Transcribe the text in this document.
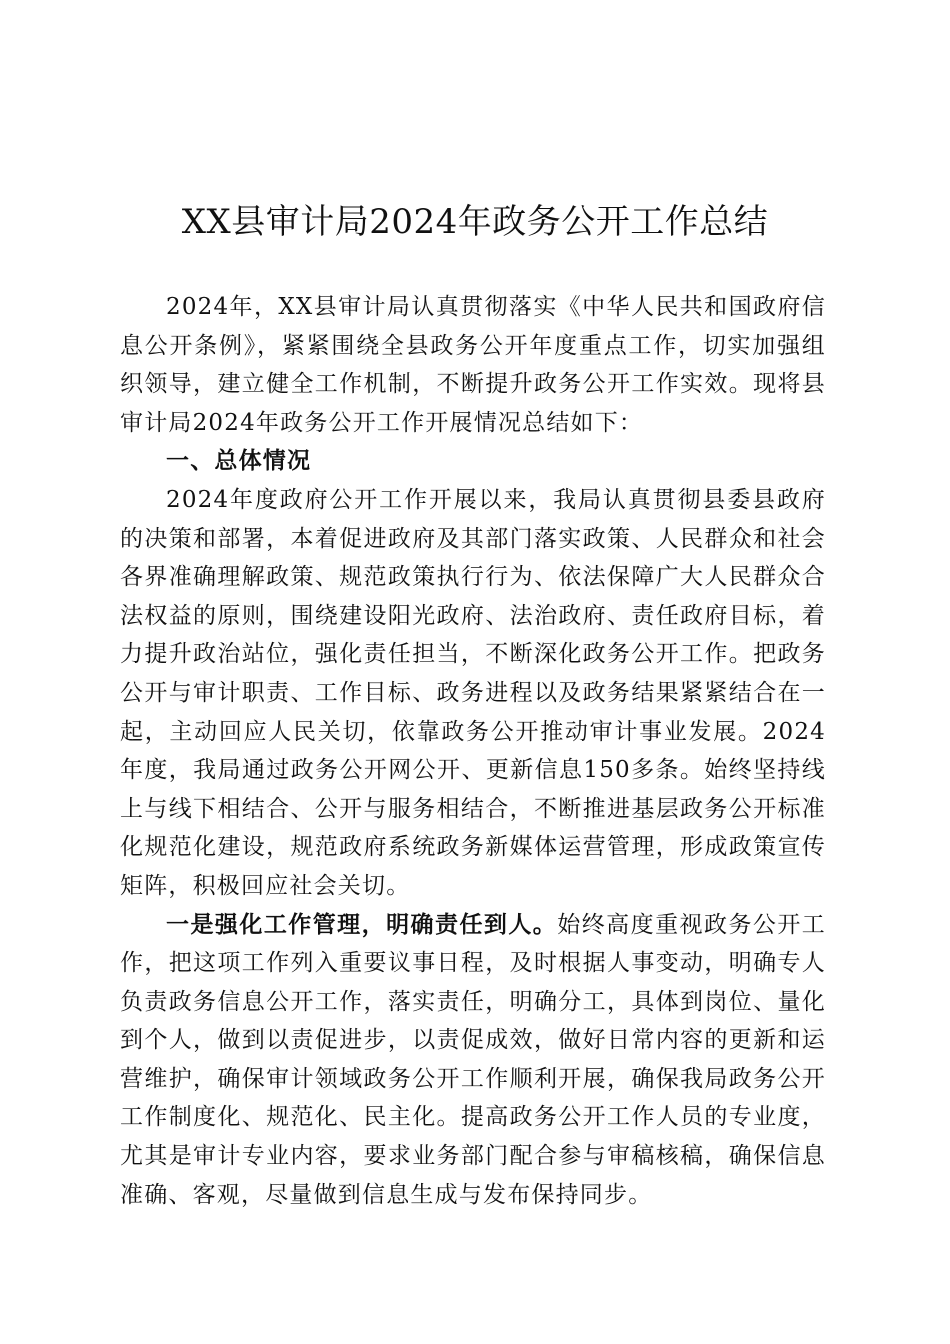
XX县审计局2024年政务公开工作总结

2024年，XX县审计局认真贯彻落实《中华人民共和国政府信息公开条例》，紧紧围绕全县政务公开年度重点工作，切实加强组织领导，建立健全工作机制，不断提升政务公开工作实效。现将县审计局2024年政务公开工作开展情况总结如下：

一、总体情况

2024年度政府公开工作开展以来，我局认真贯彻县委县政府的决策和部署，本着促进政府及其部门落实政策、人民群众和社会各界准确理解政策、规范政策执行行为、依法保障广大人民群众合法权益的原则，围绕建设阳光政府、法治政府、责任政府目标，着力提升政治站位，强化责任担当，不断深化政务公开工作。把政务公开与审计职责、工作目标、政务进程以及政务结果紧紧结合在一起，主动回应人民关切，依靠政务公开推动审计事业发展。2024年度，我局通过政务公开网公开、更新信息150多条。始终坚持线上与线下相结合、公开与服务相结合，不断推进基层政务公开标准化规范化建设，规范政府系统政务新媒体运营管理，形成政策宣传矩阵，积极回应社会关切。

一是强化工作管理，明确责任到人。始终高度重视政务公开工作，把这项工作列入重要议事日程，及时根据人事变动，明确专人负责政务信息公开工作，落实责任，明确分工，具体到岗位、量化到个人，做到以责促进步，以责促成效，做好日常内容的更新和运营维护，确保审计领域政务公开工作顺利开展，确保我局政务公开工作制度化、规范化、民主化。提高政务公开工作人员的专业度，尤其是审计专业内容，要求业务部门配合参与审稿核稿，确保信息准确、客观，尽量做到信息生成与发布保持同步。
